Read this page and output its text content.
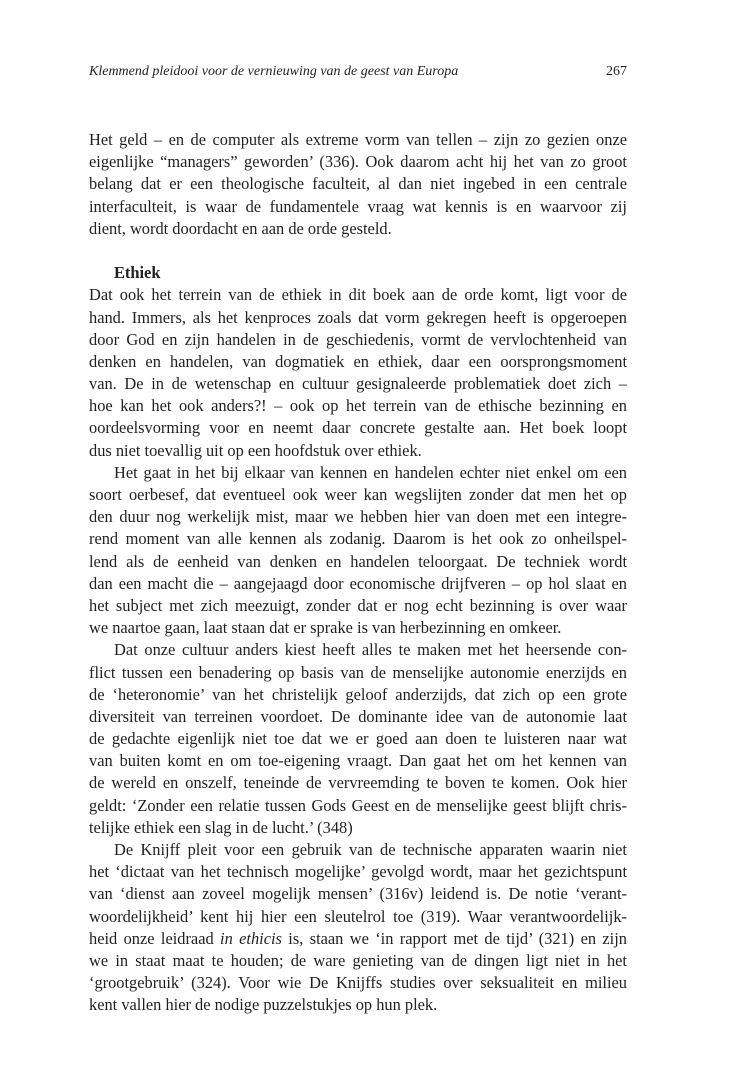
Klemmend pleidooi voor de vernieuwing van de geest van Europa	267
Het geld – en de computer als extreme vorm van tellen – zijn zo gezien onze
eigenlijke “managers” geworden’ (336). Ook daarom acht hij het van zo groot
belang dat er een theologische faculteit, al dan niet ingebed in een centrale
interfaculteit, is waar de fundamentele vraag wat kennis is en waarvoor zij
dient, wordt doordacht en aan de orde gesteld.
Ethiek
Dat ook het terrein van de ethiek in dit boek aan de orde komt, ligt voor de
hand. Immers, als het kenproces zoals dat vorm gekregen heeft is opgeroepen
door God en zijn handelen in de geschiedenis, vormt de vervlochtenheid van
denken en handelen, van dogmatiek en ethiek, daar een oorsprongsmoment
van. De in de wetenschap en cultuur gesignaleerde problematiek doet zich –
hoe kan het ook anders?! – ook op het terrein van de ethische bezinning en
oordeelsvorming voor en neemt daar concrete gestalte aan. Het boek loopt
dus niet toevallig uit op een hoofdstuk over ethiek.
Het gaat in het bij elkaar van kennen en handelen echter niet enkel om een
soort oerbesef, dat eventueel ook weer kan wegslijten zonder dat men het op
den duur nog werkelijk mist, maar we hebben hier van doen met een integre-
rend moment van alle kennen als zodanig. Daarom is het ook zo onheilspel-
lend als de eenheid van denken en handelen teloorgaat. De techniek wordt
dan een macht die – aangejaagd door economische drijfveren – op hol slaat en
het subject met zich meezuigt, zonder dat er nog echt bezinning is over waar
we naartoe gaan, laat staan dat er sprake is van herbezinning en omkeer.
Dat onze cultuur anders kiest heeft alles te maken met het heersende con-
flict tussen een benadering op basis van de menselijke autonomie enerzijds en
de ‘heteronomie’ van het christelijk geloof anderzijds, dat zich op een grote
diversiteit van terreinen voordoet. De dominante idee van de autonomie laat
de gedachte eigenlijk niet toe dat we er goed aan doen te luisteren naar wat
van buiten komt en om toe-eigening vraagt. Dan gaat het om het kennen van
de wereld en onszelf, teneinde de vervreemding te boven te komen. Ook hier
geldt: ‘Zonder een relatie tussen Gods Geest en de menselijke geest blijft chris-
telijke ethiek een slag in de lucht.’ (348)
De Knijff pleit voor een gebruik van de technische apparaten waarin niet
het ‘dictaat van het technisch mogelijke’ gevolgd wordt, maar het gezichtspunt
van ‘dienst aan zoveel mogelijk mensen’ (316v) leidend is. De notie ‘verant-
woordelijkheid’ kent hij hier een sleutelrol toe (319). Waar verantwoordelijk-
heid onze leidraad in ethicis is, staan we ‘in rapport met de tijd’ (321) en zijn
we in staat maat te houden; de ware genieting van de dingen ligt niet in het
‘grootgebruik’ (324). Voor wie De Knijffs studies over seksualiteit en milieu
kent vallen hier de nodige puzzelstukjes op hun plek.
